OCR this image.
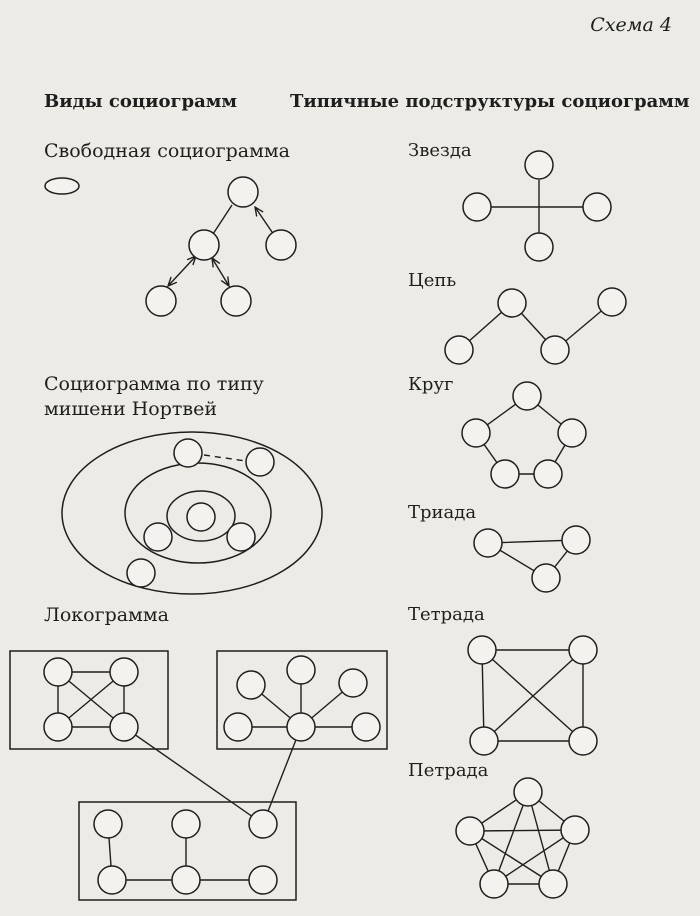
Схема 4
Виды социограмм	Типичные подструктуры социограмм
Свободная социограмма
Социограмма по типу
мишени Нортвей
Локограмма
Звезда
Цепь
Круг
Триада
Тетрада
Петрада
